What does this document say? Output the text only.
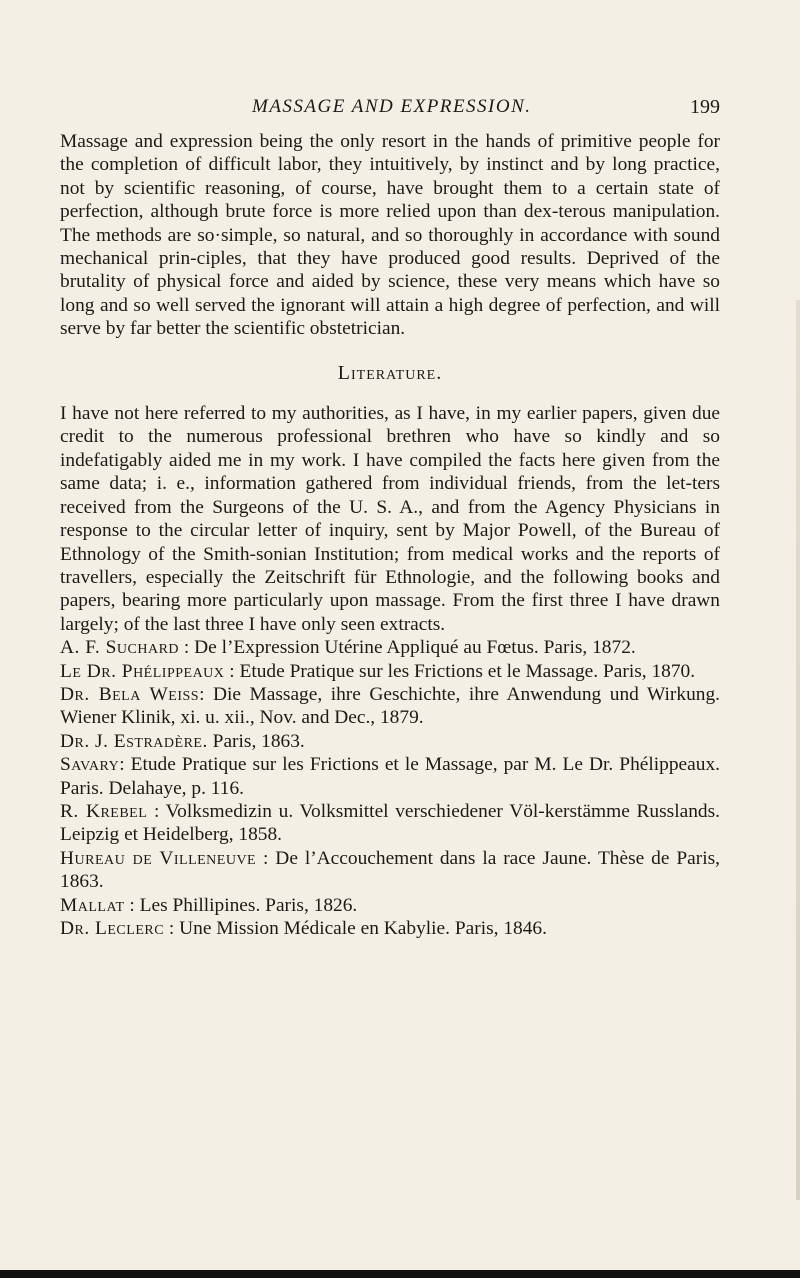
MASSAGE AND EXPRESSION.	199

Massage and expression being the only resort in the hands of primitive people for the completion of difficult labor, they intuitively, by instinct and by long practice, not by scientific reasoning, of course, have brought them to a certain state of perfection, although brute force is more relied upon than dex-terous manipulation. The methods are so·simple, so natural, and so thoroughly in accordance with sound mechanical prin-ciples, that they have produced good results. Deprived of the brutality of physical force and aided by science, these very means which have so long and so well served the ignorant will attain a high degree of perfection, and will serve by far better the scientific obstetrician.

Literature.

I have not here referred to my authorities, as I have, in my earlier papers, given due credit to the numerous professional brethren who have so kindly and so indefatigably aided me in my work. I have compiled the facts here given from the same data; i. e., information gathered from individual friends, from the let-ters received from the Surgeons of the U. S. A., and from the Agency Physicians in response to the circular letter of inquiry, sent by Major Powell, of the Bureau of Ethnology of the Smith-sonian Institution; from medical works and the reports of travellers, especially the Zeitschrift für Ethnologie, and the following books and papers, bearing more particularly upon massage. From the first three I have drawn largely; of the last three I have only seen extracts.

A. F. Suchard : De l’Expression Utérine Appliqué au Fœtus. Paris, 1872.

Le Dr. Phélippeaux : Etude Pratique sur les Frictions et le Massage. Paris, 1870.

Dr. Bela Weiss: Die Massage, ihre Geschichte, ihre Anwendung und Wirkung. Wiener Klinik, xi. u. xii., Nov. and Dec., 1879.

Dr. J. Estradère. Paris, 1863.

Savary: Etude Pratique sur les Frictions et le Massage, par M. Le Dr. Phélippeaux. Paris. Delahaye, p. 116.

R. Krebel : Volksmedizin u. Volksmittel verschiedener Völ-kerstämme Russlands. Leipzig et Heidelberg, 1858.

Hureau de Villeneuve : De l’Accouchement dans la race Jaune. Thèse de Paris, 1863.

Mallat : Les Phillipines. Paris, 1826.

Dr. Leclerc : Une Mission Médicale en Kabylie. Paris, 1846.
